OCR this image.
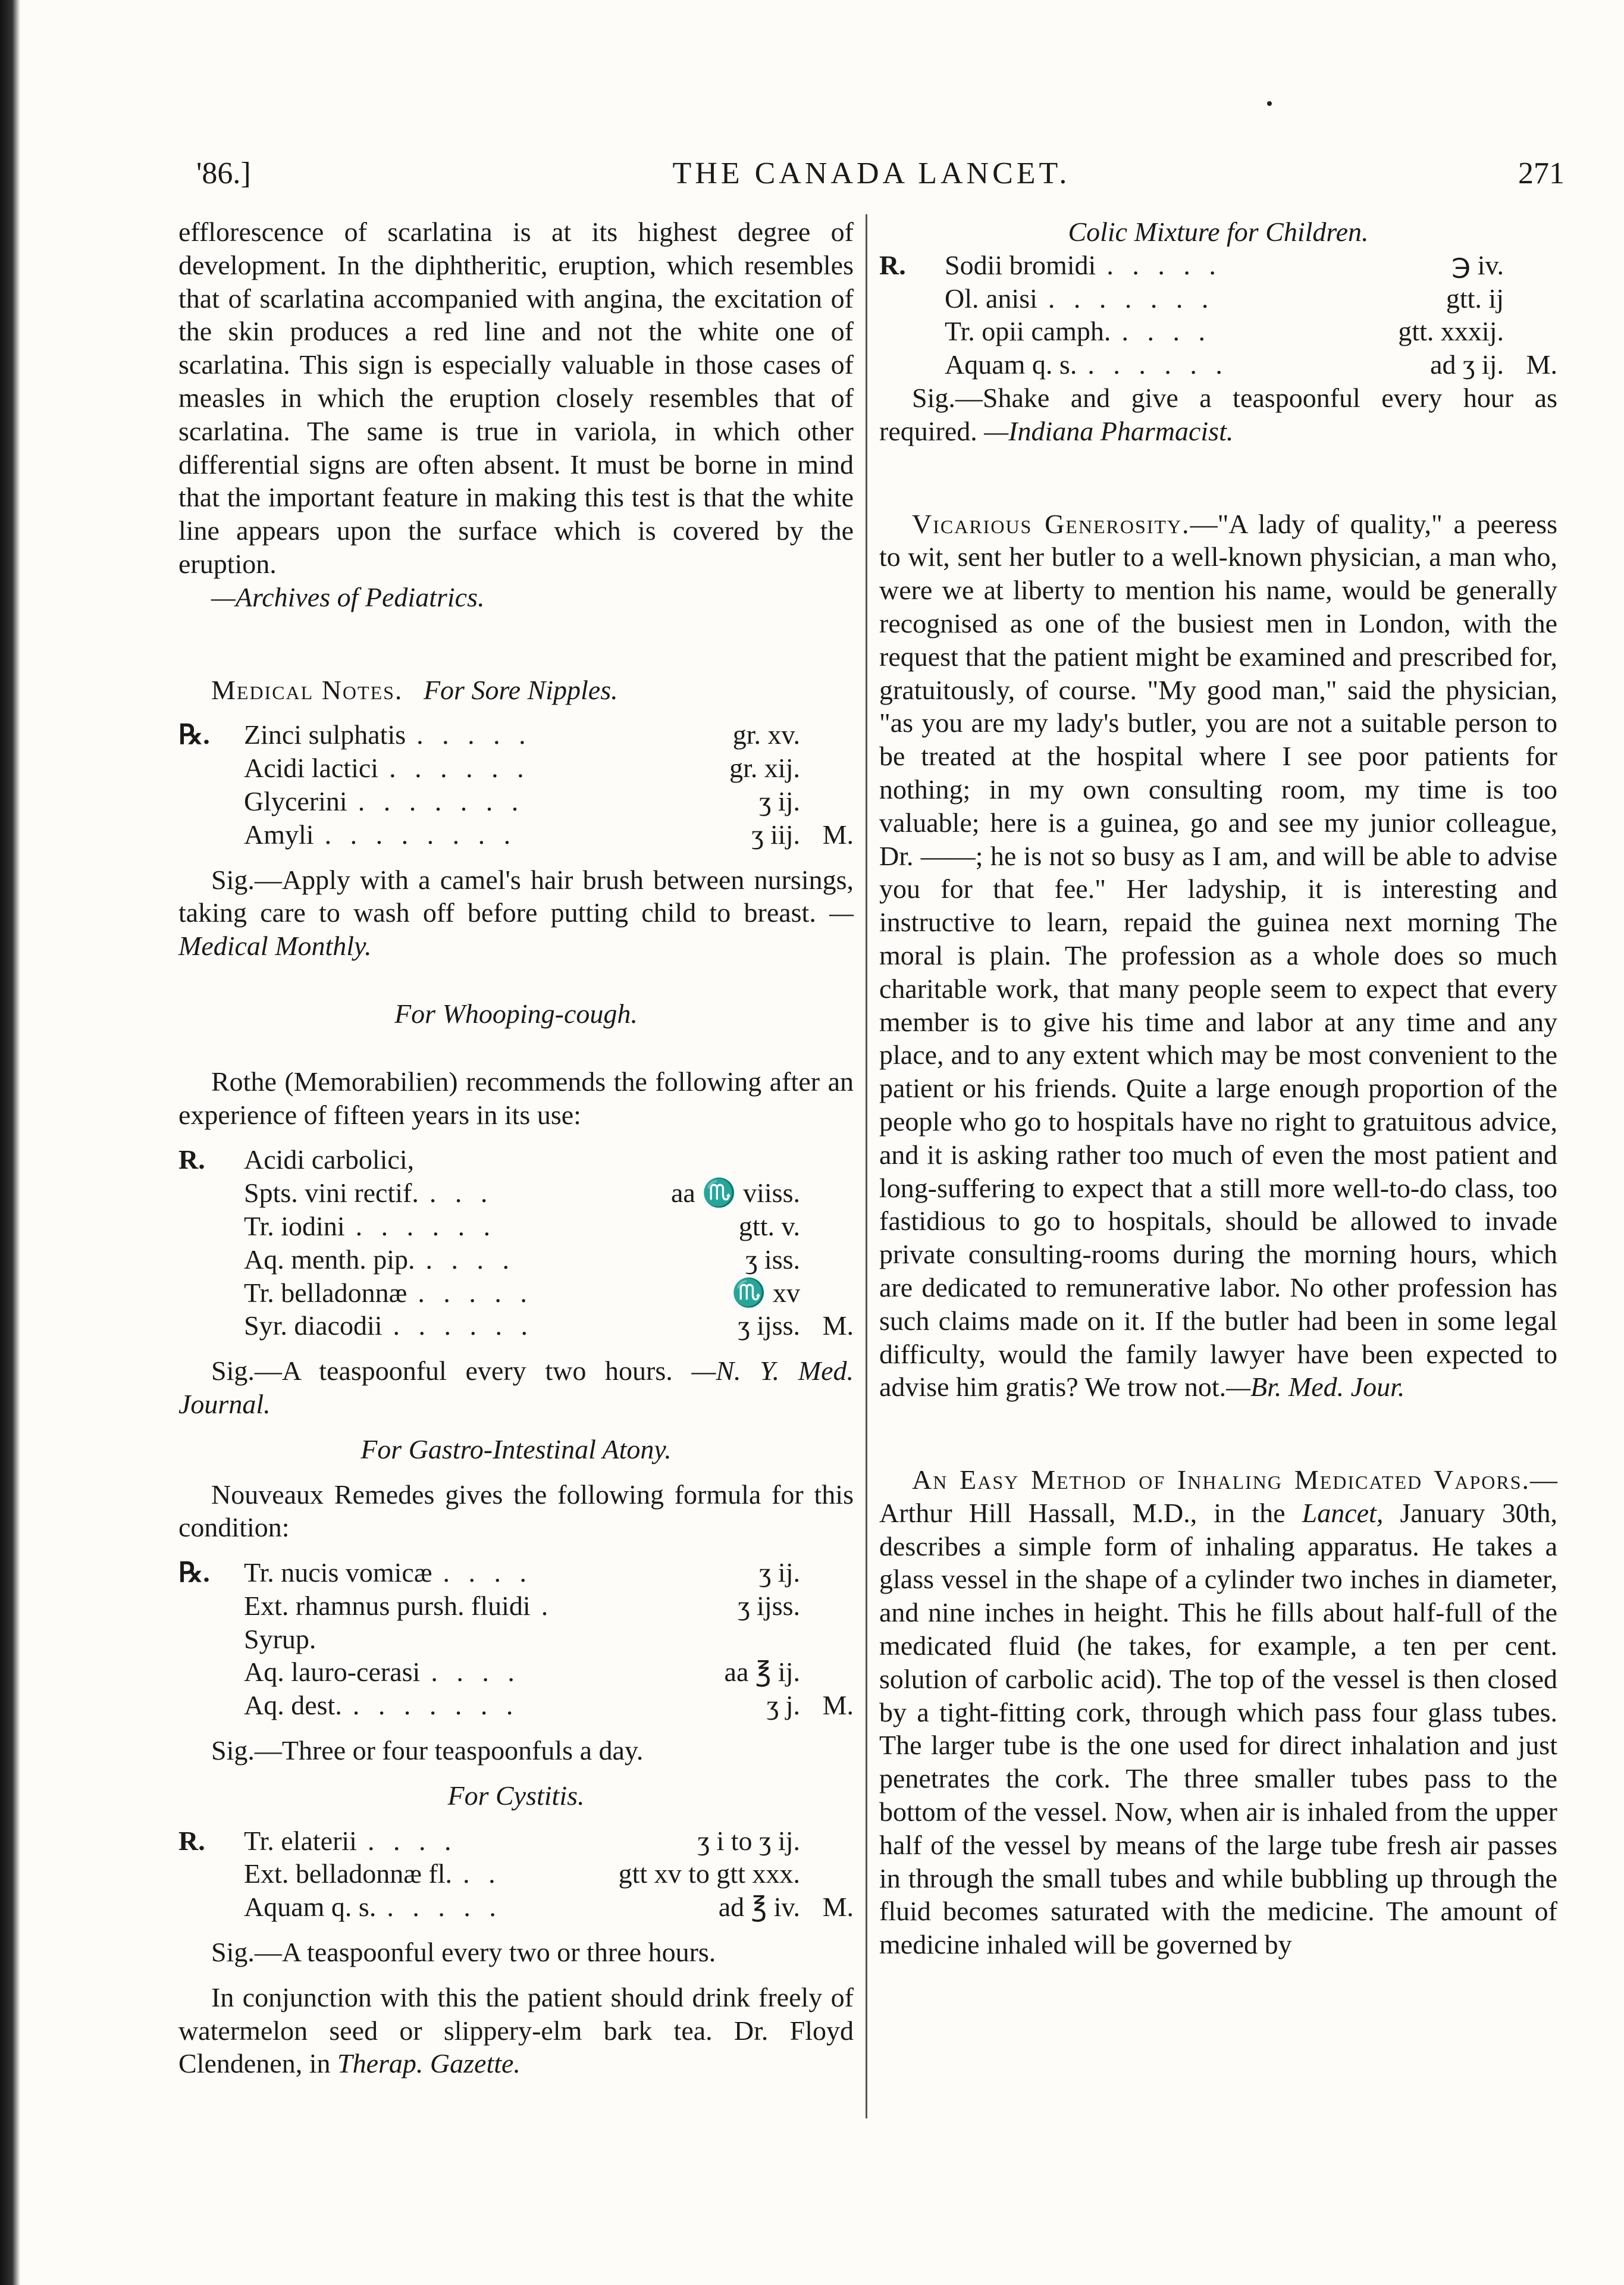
'86.]	THE CANADA LANCET.	271

efflorescence of scarlatina is at its highest degree of development. In the diphtheritic, eruption, which resembles that of scarlatina accompanied with angina, the excitation of the skin produces a red line and not the white one of scarlatina. This sign is especially valuable in those cases of measles in which the eruption closely resembles that of scarlatina. The same is true in variola, in which other differential signs are often absent. It must be borne in mind that the important feature in making this test is that the white line appears upon the surface which is covered by the eruption.

—Archives of Pediatrics.

Medical Notes. For Sore Nipples.

℞.	Zinci sulphatis . . . . .	gr. xv.
Acidi lactici . . . . . .	gr. xij.
Glycerini . . . . . . .	ʒ ij.
Amyli . . . . . . . .	ʒ iij. M.

Sig.—Apply with a camel's hair brush between nursings, taking care to wash off before putting child to breast. —Medical Monthly.

For Whooping-cough.

Rothe (Memorabilien) recommends the following after an experience of fifteen years in its use:

R.	Acidi carbolici,
Spts. vini rectif. . . .	aa ♏ viiss.
Tr. iodini . . . . . .	gtt. v.
Aq. menth. pip. . . . .	ʒ iss.
Tr. belladonnæ . . . . .	♏ xv
Syr. diacodii . . . . . .	ʒ ijss. M.

Sig.—A teaspoonful every two hours. —N. Y. Med. Journal.

For Gastro-Intestinal Atony.

Nouveaux Remedes gives the following formula for this condition:

℞.	Tr. nucis vomicæ . . . .	ʒ ij.
Ext. rhamnus pursh. fluidi .	ʒ ijss.
Syrup.
Aq. lauro-cerasi . . . .	aa ℥ ij.
Aq. dest. . . . . . . .	ʒ j. M.

Sig.—Three or four teaspoonfuls a day.

For Cystitis.

R.	Tr. elaterii . . . .	ʒ i to ʒ ij.
Ext. belladonnæ fl. . .	gtt xv to gtt xxx.
Aquam q. s. . . . . .	ad ℥ iv. M.

Sig.—A teaspoonful every two or three hours.

In conjunction with this the patient should drink freely of watermelon seed or slippery-elm bark tea. Dr. Floyd Clendenen, in Therap. Gazette.

Colic Mixture for Children.

R.	Sodii bromidi . . . . .	℈ iv.
Ol. anisi . . . . . . .	gtt. ij
Tr. opii camph. . . . .	gtt. xxxij.
Aquam q. s. . . . . . .	ad ʒ ij. M.

Sig.—Shake and give a teaspoonful every hour as required. —Indiana Pharmacist.

Vicarious Generosity.—"A lady of quality," a peeress to wit, sent her butler to a well-known physician, a man who, were we at liberty to mention his name, would be generally recognised as one of the busiest men in London, with the request that the patient might be examined and prescribed for, gratuitously, of course. "My good man," said the physician, "as you are my lady's butler, you are not a suitable person to be treated at the hospital where I see poor patients for nothing; in my own consulting room, my time is too valuable; here is a guinea, go and see my junior colleague, Dr. ——; he is not so busy as I am, and will be able to advise you for that fee." Her ladyship, it is interesting and instructive to learn, repaid the guinea next morning The moral is plain. The profession as a whole does so much charitable work, that many people seem to expect that every member is to give his time and labor at any time and any place, and to any extent which may be most convenient to the patient or his friends. Quite a large enough proportion of the people who go to hospitals have no right to gratuitous advice, and it is asking rather too much of even the most patient and long-suffering to expect that a still more well-to-do class, too fastidious to go to hospitals, should be allowed to invade private consulting-rooms during the morning hours, which are dedicated to remunerative labor. No other profession has such claims made on it. If the butler had been in some legal difficulty, would the family lawyer have been expected to advise him gratis? We trow not.—Br. Med. Jour.

An Easy Method of Inhaling Medicated Vapors.—Arthur Hill Hassall, M.D., in the Lancet, January 30th, describes a simple form of inhaling apparatus. He takes a glass vessel in the shape of a cylinder two inches in diameter, and nine inches in height. This he fills about half-full of the medicated fluid (he takes, for example, a ten per cent. solution of carbolic acid). The top of the vessel is then closed by a tight-fitting cork, through which pass four glass tubes. The larger tube is the one used for direct inhalation and just penetrates the cork. The three smaller tubes pass to the bottom of the vessel. Now, when air is inhaled from the upper half of the vessel by means of the large tube fresh air passes in through the small tubes and while bubbling up through the fluid becomes saturated with the medicine. The amount of medicine inhaled will be governed by
